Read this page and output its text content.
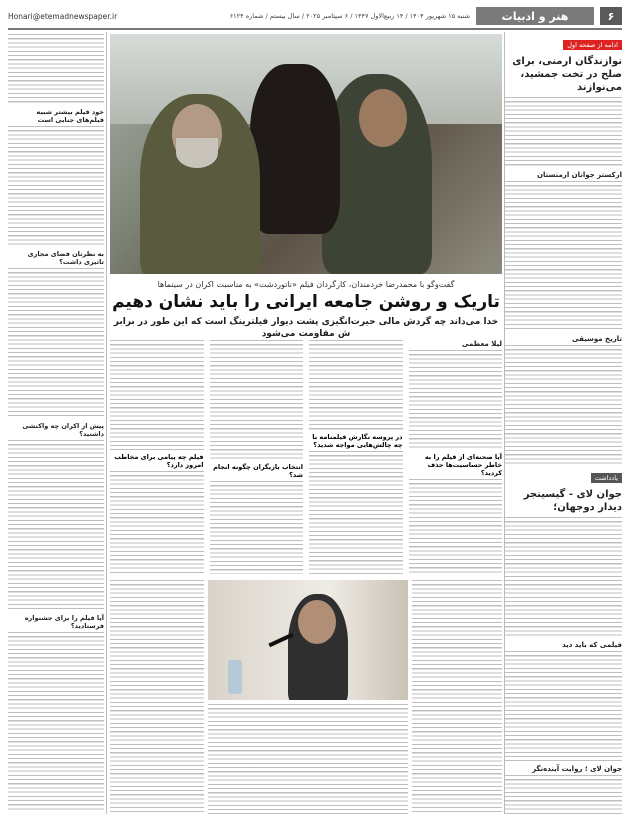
۶
هنر و ادبیات
شنبه ۱۵ شهریور ۱۴۰۴ / ۱۴ ربیع‌الاول ۱۴۴۷ / ۶ سپتامبر ۲۰۲۵ / سال بیستم / شماره ۶۱۲۴
Honari@etemadnewspaper.ir
ادامه از صفحه اول
نوازندگان ارمنی، برای صلح در تخت جمشید، می‌نوازند
ارکستر جوانان ارمنستان
تاریخ موسیقی
یادداشت
جوان لای - گیسینجر دیدار دوجهان؛
فیلمی که باید دید
جوان لای ؛ روایت آینده‌نگر
خود فیلم بیشتر شبیه فیلم‌های جنایی است
به نظرتان فضای مجازی تاثیری داشت؟
پیش از اکران چه واکنشی داشتید؟
آیا فیلم را برای جشنواره فرستادید؟
گفت‌وگو با محمدرضا خردمندان، کارگردان فیلم «ناتوردشت» به مناسبت اکران در سینماها
تاریک و روشن جامعه ایرانی را باید نشان دهیم
خدا می‌داند چه گردش مالی حیرت‌انگیزی پشت دیوار فیلترینگ است که این طور در برابر ش مقاومت می‌شود
لیلا معظمی
آیا صحنه‌ای از فیلم را به خاطر حساسیت‌ها حذف کردید؟
در پروسه نگارش فیلمنامه با چه چالش‌هایی مواجه شدید؟
انتخاب بازیگران چگونه انجام شد؟
فیلم چه پیامی برای مخاطب امروز دارد؟
